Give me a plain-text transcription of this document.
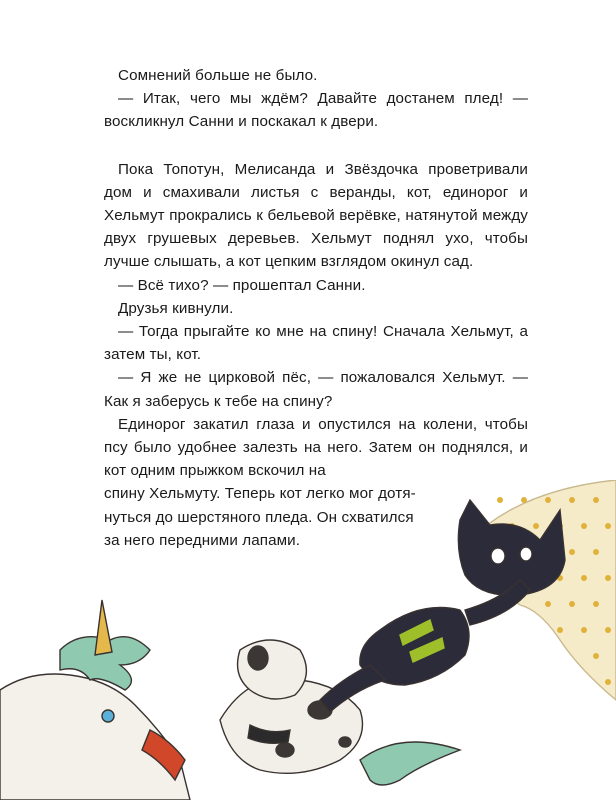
Сомнений больше не было.

— Итак, чего мы ждём? Давайте достанем плед! — воскликнул Санни и поскакал к двери.

Пока Топотун, Мелисанда и Звёздочка проветривали дом и смахивали листья с веранды, кот, единорог и Хельмут прокрались к бельевой верёвке, натянутой между двух грушевых деревьев. Хельмут поднял ухо, чтобы лучше слышать, а кот цепким взглядом окинул сад.

— Всё тихо? — прошептал Санни.

Друзья кивнули.

— Тогда прыгайте ко мне на спину! Сначала Хельмут, а затем ты, кот.

— Я же не цирковой пёс, — пожаловался Хельмут. — Как я заберусь к тебе на спину?

Единорог закатил глаза и опустился на колени, чтобы псу было удобнее залезть на него. Затем он поднялся, и кот одним прыжком вскочил на

спину Хельмуту. Теперь кот легко мог дотя-

нуться до шерстяного пледа. Он схватился

за него передними лапами.
